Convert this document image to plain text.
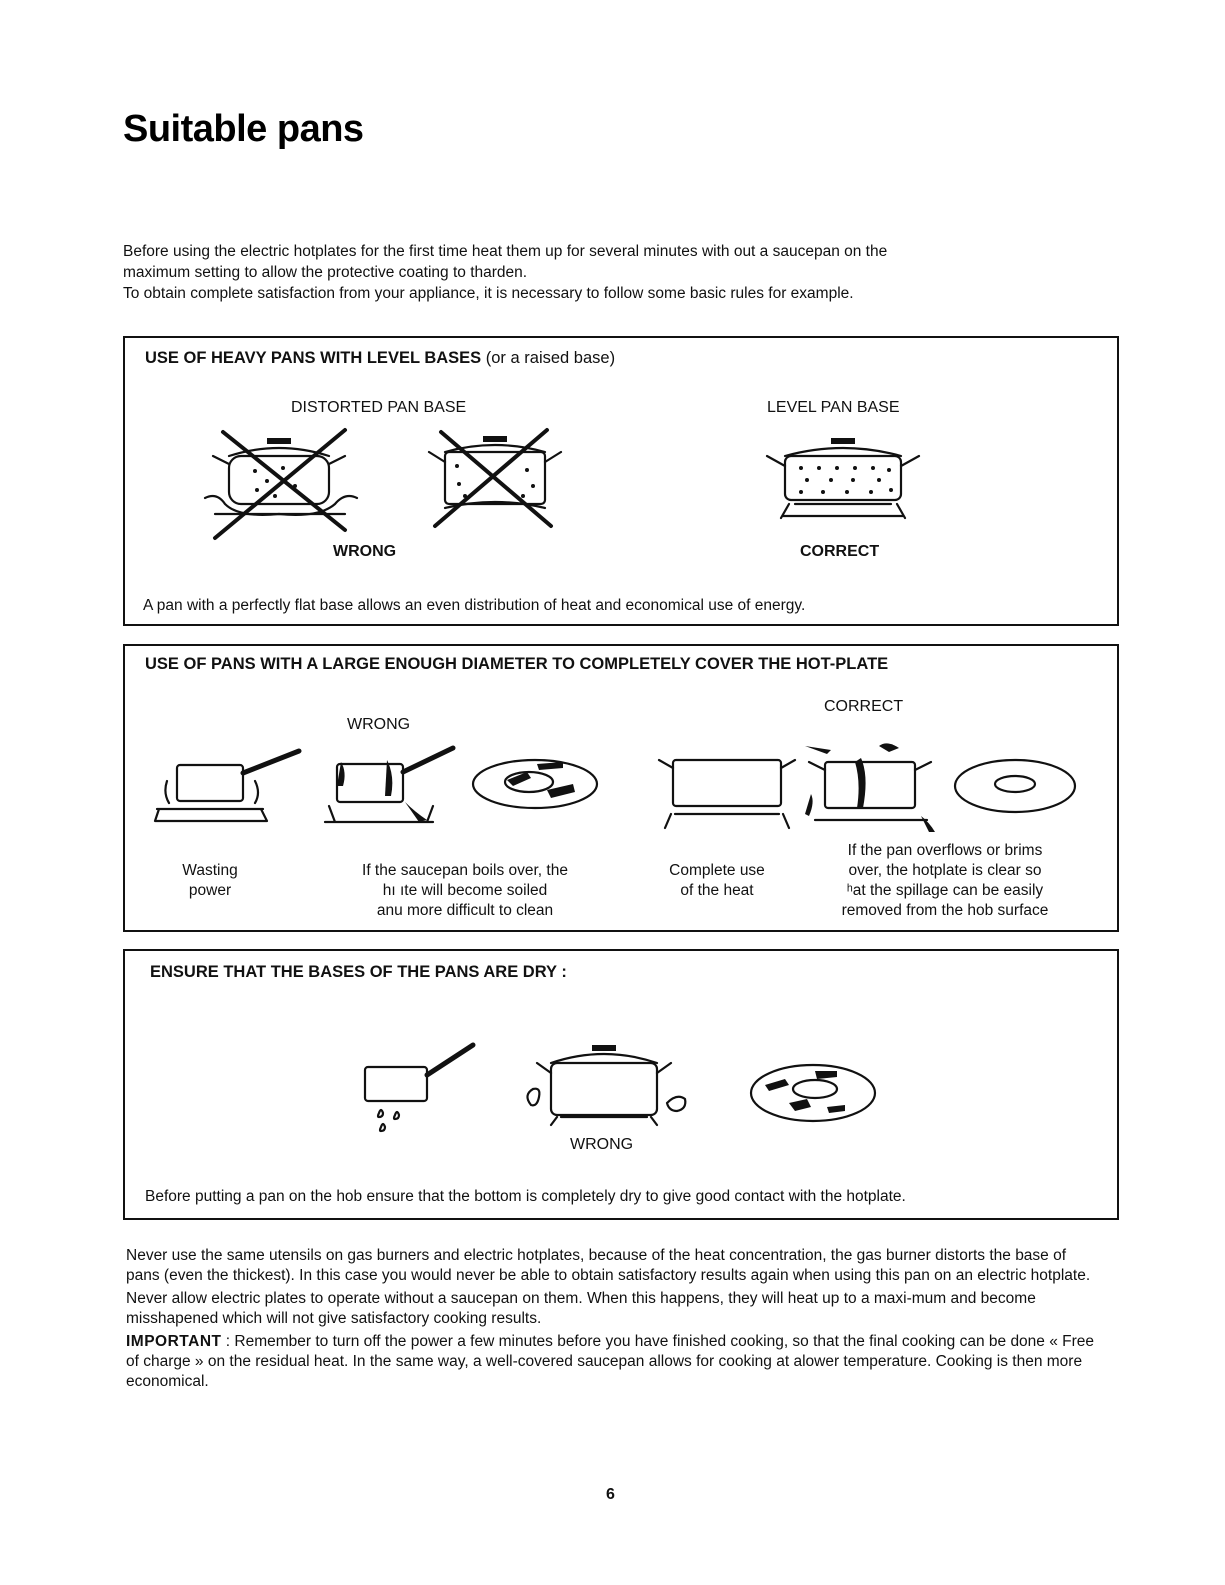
Suitable pans
Before using the electric hotplates for the first time heat them up for several minutes with out a saucepan on the
maximum setting to allow the protective coating to tharden.
To obtain complete satisfaction from your appliance, it is necessary to follow some basic rules for example.
USE OF HEAVY PANS WITH LEVEL BASES (or a raised base)
DISTORTED PAN BASE	LEVEL PAN BASE
WRONG	CORRECT
A pan with a perfectly flat base allows an even distribution of heat and economical use of energy.
USE OF PANS WITH A LARGE ENOUGH DIAMETER TO COMPLETELY COVER THE HOT-PLATE
WRONG
CORRECT
Wasting
power
If the saucepan boils over, the
hı ıte will become soiled
anu more difficult to clean
Complete use
of the heat
If the pan overflows or brims
over, the hotplate is clear so
ʰat the spillage can be easily
removed from the hob surface
ENSURE THAT THE BASES OF THE PANS ARE DRY :
WRONG
Before putting a pan on the hob ensure that the bottom is completely dry to give good contact with the hotplate.

Never use the same utensils on gas burners and electric hotplates, because of the heat concentration, the gas burner distorts the base of pans (even the thickest). In this case you would never be able to obtain satisfactory results again when using this pan on an electric hotplate.

Never allow electric plates to operate without a saucepan on them. When this happens, they will heat up to a maxi-mum and become misshapened which will not give satisfactory cooking results.

IMPORTANT : Remember to turn off the power a few minutes before you have finished cooking, so that the final cooking can be done « Free of charge » on the residual heat. In the same way, a well-covered saucepan allows for cooking at alower temperature. Cooking is then more economical.

6
